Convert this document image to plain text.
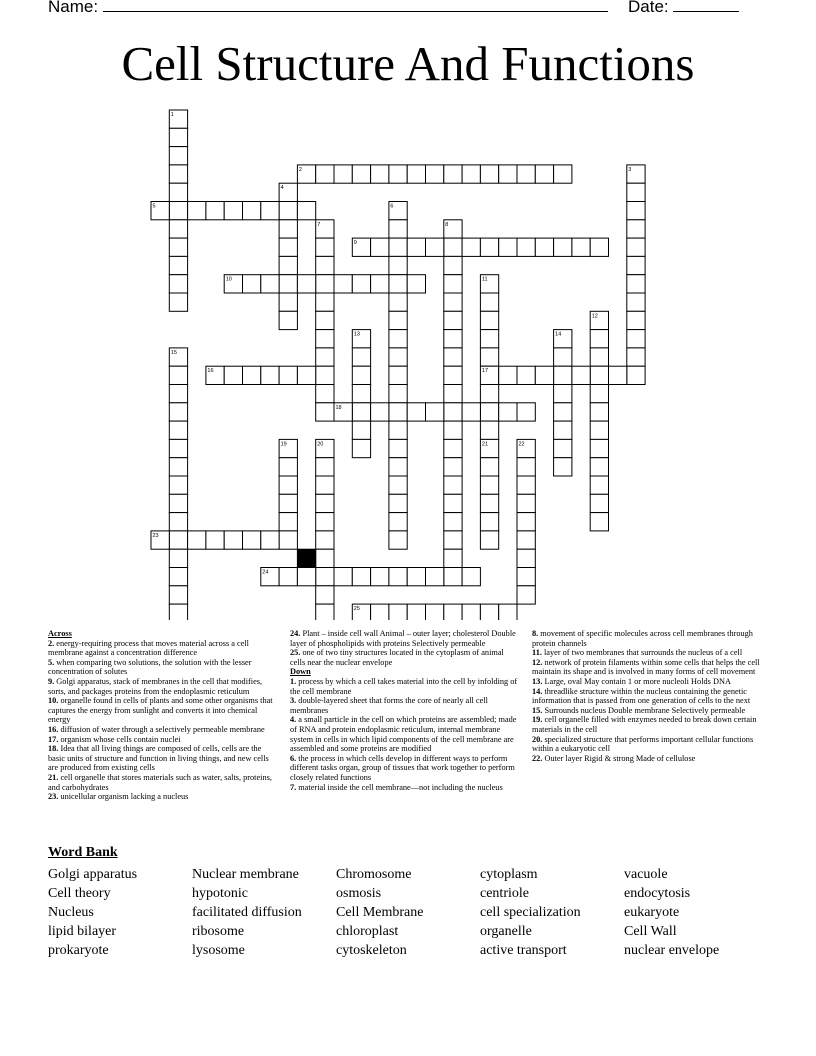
Name:	Date:
Cell Structure And Functions
1
2	3
4
5	6
7	8
9
10	11
12
13	14
15
16	17
18
19	20	21	22
23
24
25
Across
2. energy-requiring process that moves material across a cell membrane against a concentration difference
5. when comparing two solutions, the solution with the lesser concentration of solutes
9. Golgi apparatus, stack of membranes in the cell that modifies, sorts, and packages proteins from the endoplasmic reticulum
10. organelle found in cells of plants and some other organisms that captures the energy from sunlight and converts it into chemical energy
16. diffusion of water through a selectively permeable membrane
17. organism whose cells contain nuclei
18. Idea that all living things are composed of cells, cells are the basic units of structure and function in living things, and new cells are produced from existing cells
21. cell organelle that stores materials such as water, salts, proteins, and carbohydrates
23. unicellular organism lacking a nucleus
24. Plant – inside cell wall Animal – outer layer; cholesterol Double layer of phospholipids with proteins Selectively permeable
25. one of two tiny structures located in the cytoplasm of animal cells near the nuclear envelope
Down
1. process by which a cell takes material into the cell by infolding of the cell membrane
3. double-layered sheet that forms the core of nearly all cell membranes
4. a small particle in the cell on which proteins are assembled; made of RNA and protein endoplasmic reticulum, internal membrane system in cells in which lipid components of the cell membrane are assembled and some proteins are modified
6. the process in which cells develop in different ways to perform different tasks organ, group of tissues that work together to perform closely related functions
7. material inside the cell membrane—not including the nucleus
8. movement of specific molecules across cell membranes through protein channels
11. layer of two membranes that surrounds the nucleus of a cell
12. network of protein filaments within some cells that helps the cell maintain its shape and is involved in many forms of cell movement
13. Large, oval May contain 1 or more nucleoli Holds DNA
14. threadlike structure within the nucleus containing the genetic information that is passed from one generation of cells to the next
15. Surrounds nucleus Double membrane Selectively permeable
19. cell organelle filled with enzymes needed to break down certain materials in the cell
20. specialized structure that performs important cellular functions within a eukaryotic cell
22. Outer layer Rigid & strong Made of cellulose
Word Bank
Golgi apparatus
Cell theory
Nucleus
lipid bilayer
prokaryote
Nuclear membrane
hypotonic
facilitated diffusion
ribosome
lysosome
Chromosome
osmosis
Cell Membrane
chloroplast
cytoskeleton
cytoplasm
centriole
cell specialization
organelle
active transport
vacuole
endocytosis
eukaryote
Cell Wall
nuclear envelope
